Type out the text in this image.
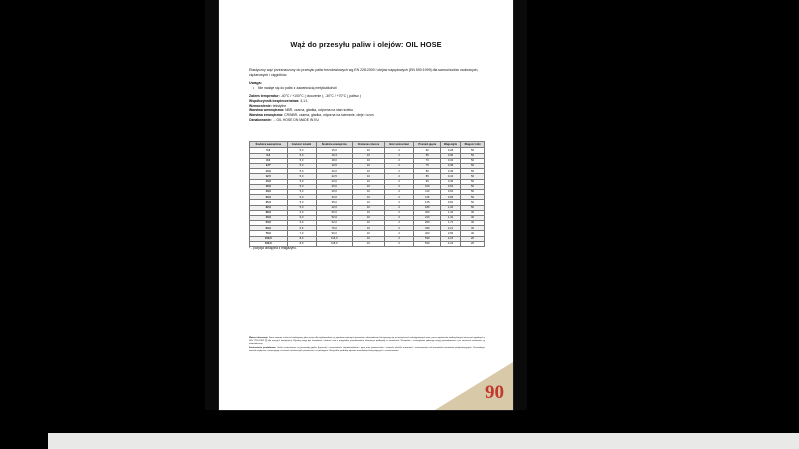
Wąż do przesyłu paliw i olejów: OIL HOSE

Elastyczny wąż przeznaczony do przesyłu paliw bezołowiowych wg EN 228:2000 i olejów napędowych (EN 590:1999) dla samochodów osobowych, ciężarowych i cięgników.

Uwaga:

• Nie nadaje się do paliw z zawartością metyloalkoholi

Zakres temperatur: -40°C / +100°C ( otoczenie ), -30°C / +70°C ( paliwo )
Współczynnik bezpieczeństwa: 3,1:1
Wzmocnienie: tekstylne
Warstwa wewnętrzna: NBR, czarna, gładka, odporna na stan ścieku
Warstwa zewnętrzna: CR/NBR, czarna, gładka, odporna na ścieranie, oleje i ozon
Oznakowanie: ... OIL HOSE DN MADE IN EU
Średnica wewnętrzna	Grubość ścianki	Średnica zewnętrzna	Ciśnienie robocze	Ilość wzmocnień	Promień gięcia	Waga kg/m	Długość rolki
5,0	5,0	15,0	10	2	60	0,28	50
6,3	5,0	16,3	10	2	65	0,30	50
8,0	5,0	18,0	10	2	70	0,34	50
9,5*	5,0	19,5	10	2	75	0,38	50
10,0	5,0	20,0	10	2	80	0,39	50
12,5	5,0	22,5	10	2	85	0,44	50
13,0	5,0	23,0	10	2	90	0,46	50
16,0	5,0	26,0	10	2	100	0,54	50
19,0	5,0	29,0	10	2	110	0,62	50
20,0	5,0	30,0	10	2	115	0,65	50
25,0	5,0	35,0	10	2	145	0,81	50
32,0	5,0	42,0	10	2	180	1,02	50
38,0	6,0	50,0	10	2	200	1,34	40
40,0	6,0	52,0	10	2	210	1,42	40
50,0	6,0	62,0	10	2	260	1,74	40
63,0	6,5	76,0	10	2	330	2,21	40
76,0	7,0	90,0	10	2	400	2,82	40
100,0	8,0	116,0	10	2	530	4,15	20
102,0	8,0	118,0	10	2	540	4,24	20
* - pozycja dostępna z magazynu.
Ważne informacje: Dane zawarte w karcie katalogowej jako serwis dla użytkowników są wynikiem własnych pomiarów i doświadczeń lub opierają się na wartościach udostępnianych nam, przez wytwórców według których oznaczeń zgodnych z DIN 7716:1982 [2] dla naszych kompletacji. Wyroby mogą być kompletne i dotrzeć one z przypadku przedstawiono informacje podlegały w zastrzeżeń. Wszystkie i szczegółowe gabaryty mogą powiadomienia i po zmianach wskazane są nieostateczne.
Zastrzeżenie produktowe: Jeżeli zastosowane są przewody giętkie (łączenie) i wwarunkach niepotwierdzone i typu oraz powierzchnie i wartości określa zawartość i zastosowanie od stanowiska warunków eksploatacyjnych. Przewidując warunki wyłączne, zastrzegając w kartach technicznych producenta i są dostępne. Wszystkie produkty opisane materiałem korzystających z zastosowania.
90
